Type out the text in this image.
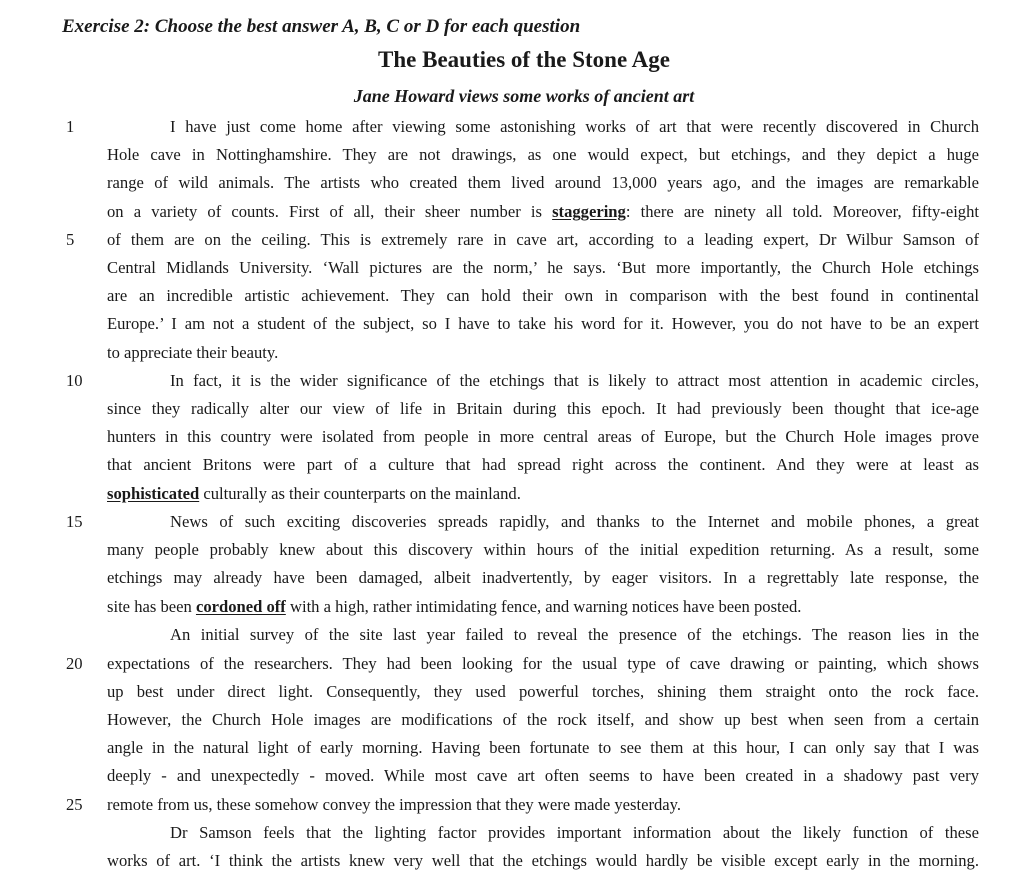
Exercise 2: Choose the best answer A, B, C or D for each question
The Beauties of the Stone Age
Jane Howard views some works of ancient art
1
5
10
15
20
25
I have just come home after viewing some astonishing works of art that were recently discovered in Church
Hole cave in Nottinghamshire. They are not drawings, as one would expect, but etchings, and they depict a huge
range of wild animals. The artists who created them lived around 13,000 years ago, and the images are remarkable
on a variety of counts. First of all, their sheer number is staggering: there are ninety all told. Moreover, fifty-eight
of them are on the ceiling. This is extremely rare in cave art, according to a leading expert, Dr Wilbur Samson of
Central Midlands University. ‘Wall pictures are the norm,’ he says. ‘But more importantly, the Church Hole etchings
are an incredible artistic achievement. They can hold their own in comparison with the best found in continental
Europe.’ I am not a student of the subject, so I have to take his word for it. However, you do not have to be an expert
to appreciate their beauty.
In fact, it is the wider significance of the etchings that is likely to attract most attention in academic circles,
since they radically alter our view of life in Britain during this epoch. It had previously been thought that ice-age
hunters in this country were isolated from people in more central areas of Europe, but the Church Hole images prove
that ancient Britons were part of a culture that had spread right across the continent. And they were at least as
sophisticated culturally as their counterparts on the mainland.
News of such exciting discoveries spreads rapidly, and thanks to the Internet and mobile phones, a great
many people probably knew about this discovery within hours of the initial expedition returning. As a result, some
etchings may already have been damaged, albeit inadvertently, by eager visitors. In a regrettably late response, the
site has been cordoned off with a high, rather intimidating fence, and warning notices have been posted.
An initial survey of the site last year failed to reveal the presence of the etchings. The reason lies in the
expectations of the researchers. They had been looking for the usual type of cave drawing or painting, which shows
up best under direct light. Consequently, they used powerful torches, shining them straight onto the rock face.
However, the Church Hole images are modifications of the rock itself, and show up best when seen from a certain
angle in the natural light of early morning. Having been fortunate to see them at this hour, I can only say that I was
deeply - and unexpectedly - moved. While most cave art often seems to have been created in a shadowy past very
remote from us, these somehow convey the impression that they were made yesterday.
Dr Samson feels that the lighting factor provides important information about the likely function of these
works of art. ‘I think the artists knew very well that the etchings would hardly be visible except early in the morning.
